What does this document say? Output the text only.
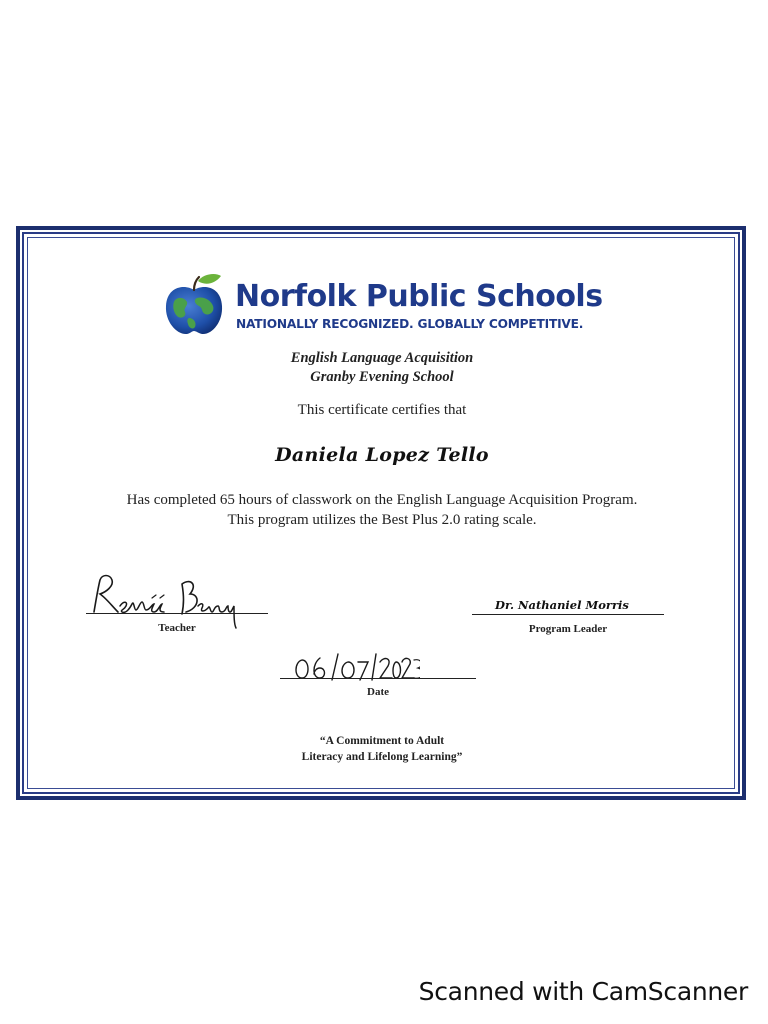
Norfolk Public Schools
NATIONALLY RECOGNIZED. GLOBALLY COMPETITIVE.
English Language Acquisition
Granby Evening School
This certificate certifies that
Daniela Lopez Tello
Has completed 65 hours of classwork on the English Language Acquisition Program.
This program utilizes the Best Plus 2.0 rating scale.
Teacher
Dr. Nathaniel Morris
Program Leader
Date
“A Commitment to Adult
Literacy and Lifelong Learning”
Scanned with CamScanner
